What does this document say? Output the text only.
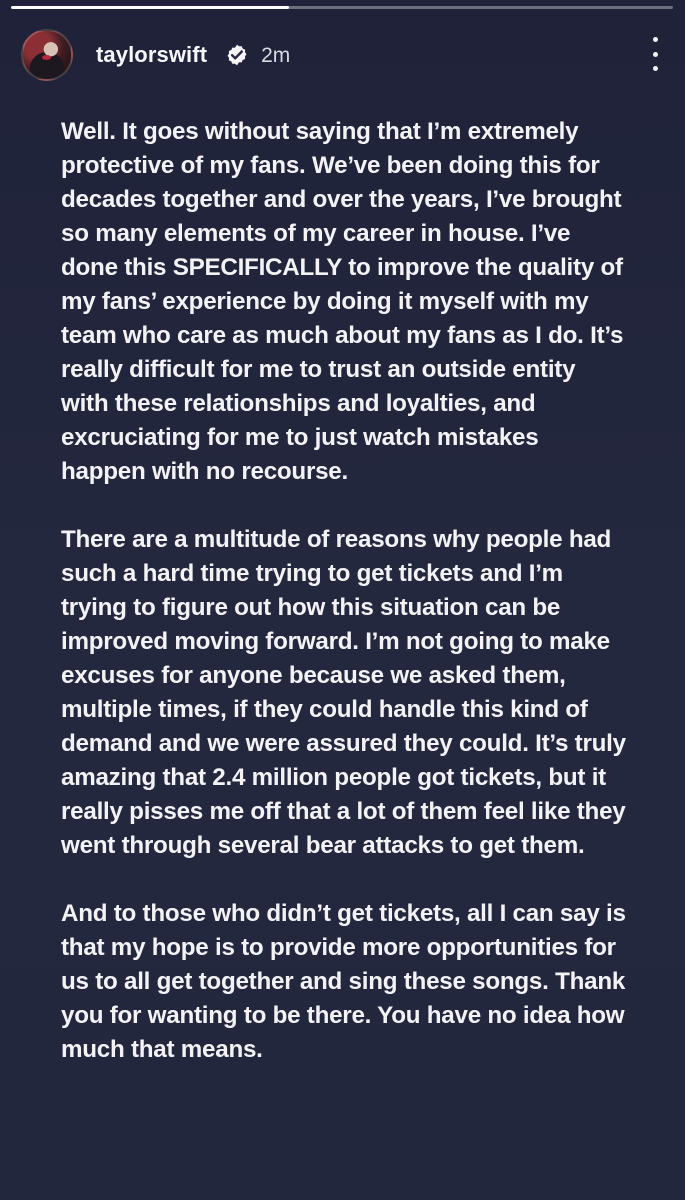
taylorswift	2m

Well. It goes without saying that I’m extremely protective of my fans. We’ve been doing this for decades together and over the years, I’ve brought so many elements of my career in house. I’ve done this SPECIFICALLY to improve the quality of my fans’ experience by doing it myself with my team who care as much about my fans as I do. It’s really difficult for me to trust an outside entity with these relationships and loyalties, and excruciating for me to just watch mistakes happen with no recourse.

There are a multitude of reasons why people had such a hard time trying to get tickets and I’m trying to figure out how this situation can be improved moving forward. I’m not going to make excuses for anyone because we asked them, multiple times, if they could handle this kind of demand and we were assured they could. It’s truly amazing that 2.4 million people got tickets, but it really pisses me off that a lot of them feel like they went through several bear attacks to get them.

And to those who didn’t get tickets, all I can say is that my hope is to provide more opportunities for us to all get together and sing these songs. Thank you for wanting to be there. You have no idea how much that means.
